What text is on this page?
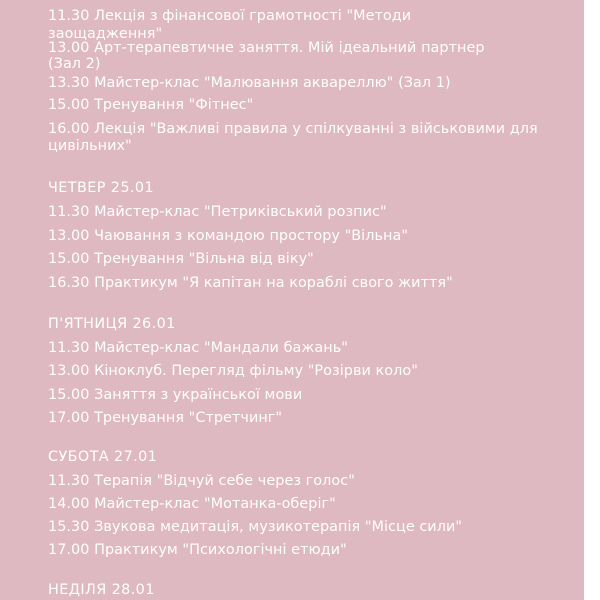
11.30 Лекція з фінансової грамотності "Методи
заощадження"
13.00 Арт-терапевтичне заняття. Мій ідеальний партнер
(Зал 2)
13.30 Майстер-клас "Малювання аквареллю" (Зал 1)
15.00 Тренування "Фітнес"
16.00 Лекція "Важливі правила у спілкуванні з військовими для
цивільних"
ЧЕТВЕР 25.01
11.30 Майстер-клас "Петриківський розпис"
13.00 Чаювання з командою простору "Вільна"
15.00 Тренування "Вільна від віку"
16.30 Практикум "Я капітан на кораблі свого життя"
П'ЯТНИЦЯ 26.01
11.30 Майстер-клас "Мандали бажань"
13.00 Кіноклуб. Перегляд фільму "Розірви коло"
15.00 Заняття з української мови
17.00 Тренування "Стретчинг"
СУБОТА 27.01
11.30 Терапія "Відчуй себе через голос"
14.00 Майстер-клас "Мотанка-оберіг"
15.30 Звукова медитація, музикотерапія "Місце сили"
17.00 Практикум "Психологічні етюди"
НЕДІЛЯ 28.01
